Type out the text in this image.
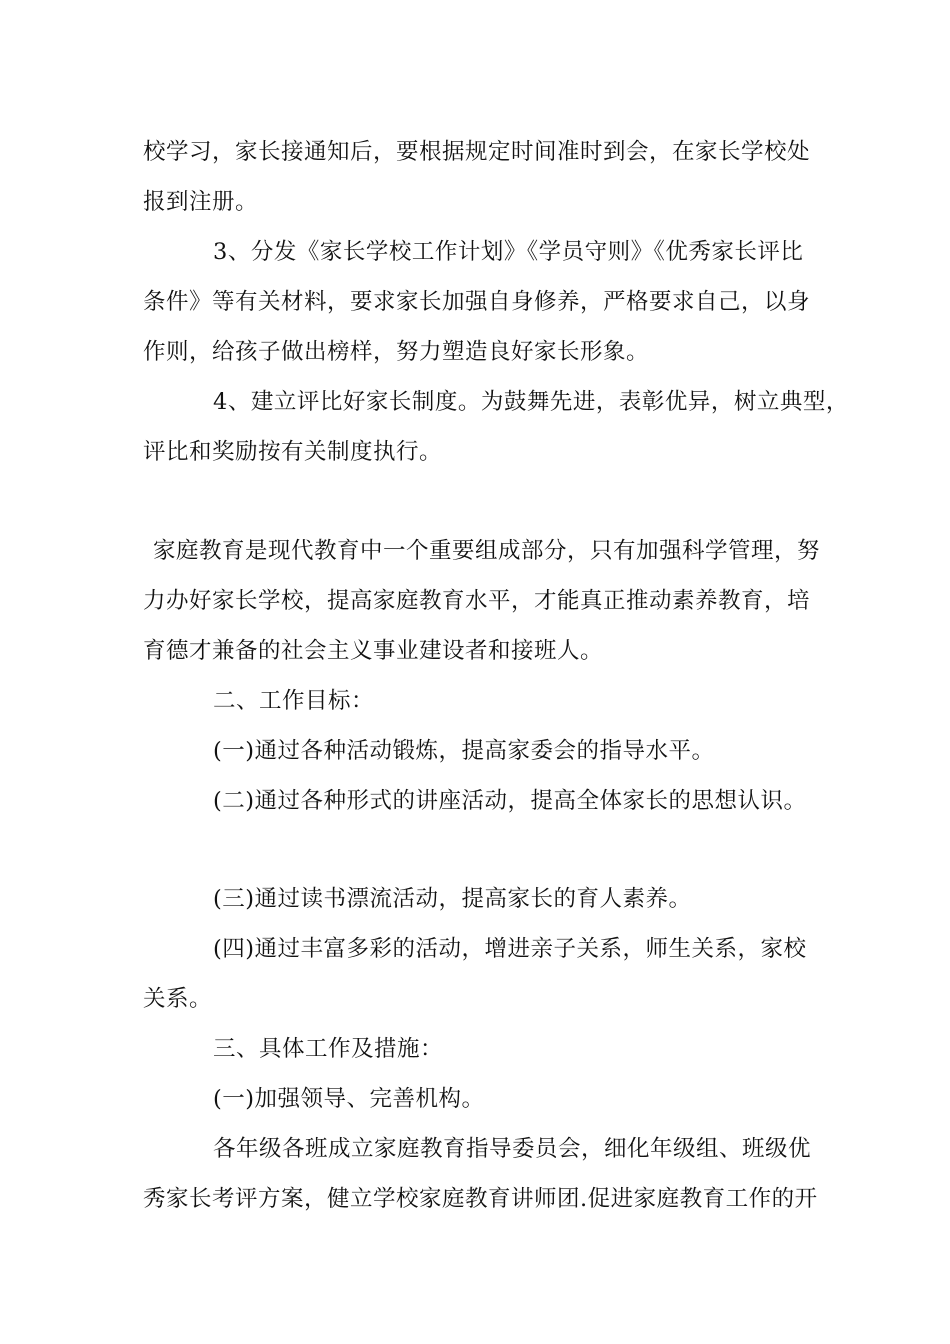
校学习，家长接通知后，要根据规定时间准时到会，在家长学校处
报到注册。
3、分发《家长学校工作计划》《学员守则》《优秀家长评比
条件》等有关材料，要求家长加强自身修养，严格要求自己，以身
作则，给孩子做出榜样，努力塑造良好家长形象。
4、建立评比好家长制度。为鼓舞先进，表彰优异，树立典型，
评比和奖励按有关制度执行。
家庭教育是现代教育中一个重要组成部分，只有加强科学管理，努
力办好家长学校，提高家庭教育水平，才能真正推动素养教育，培
育德才兼备的社会主义事业建设者和接班人。
二、工作目标：
(一)通过各种活动锻炼，提高家委会的指导水平。
(二)通过各种形式的讲座活动，提高全体家长的思想认识。
(三)通过读书漂流活动，提高家长的育人素养。
(四)通过丰富多彩的活动，增进亲子关系，师生关系，家校
关系。
三、具体工作及措施：
(一)加强领导、完善机构。
各年级各班成立家庭教育指导委员会，细化年级组、班级优
秀家长考评方案，健立学校家庭教育讲师团.促进家庭教育工作的开
